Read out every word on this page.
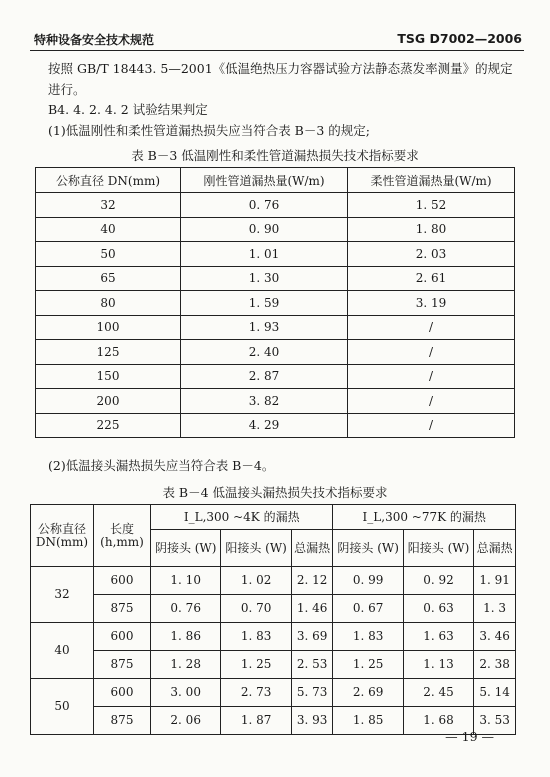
特种设备安全技术规范	TSG D7002—2006
按照 GB/T 18443. 5—2001《低温绝热压力容器试验方法静态蒸发率测量》的规定
进行。
B4. 4. 2. 4. 2 试验结果判定
(1)低温刚性和柔性管道漏热损失应当符合表 B－3 的规定;
表 B－3 低温刚性和柔性管道漏热损失技术指标要求
公称直径 DN(mm)	刚性管道漏热量(W/m)	柔性管道漏热量(W/m)
32	0. 76	1. 52
40	0. 90	1. 80
50	1. 01	2. 03
65	1. 30	2. 61
80	1. 59	3. 19
100	1. 93	/
125	2. 40	/
150	2. 87	/
200	3. 82	/
225	4. 29	/
(2)低温接头漏热损失应当符合表 B－4。
表 B－4 低温接头漏热损失技术指标要求
公称直径 DN(mm)	长度 (h,mm)	I_L,300 ~4K 的漏热			I_L,300 ~77K 的漏热		
		阴接头 (W)	阳接头 (W)	总漏热	阴接头 (W)	阳接头 (W)	总漏热
32	600	1. 10	1. 02	2. 12	0. 99	0. 92	1. 91
	875	0. 76	0. 70	1. 46	0. 67	0. 63	1. 3
40	600	1. 86	1. 83	3. 69	1. 83	1. 63	3. 46
	875	1. 28	1. 25	2. 53	1. 25	1. 13	2. 38
50	600	3. 00	2. 73	5. 73	2. 69	2. 45	5. 14
	875	2. 06	1. 87	3. 93	1. 85	1. 68	3. 53
— 19 —
